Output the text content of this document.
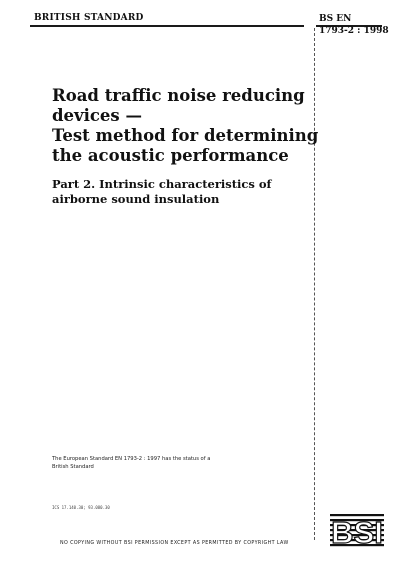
BRITISH STANDARD	BS EN
1793-2 : 1998
Road traffic noise reducing
devices —
Test method for determining
the acoustic performance
Part 2. Intrinsic characteristics of
airborne sound insulation
The European Standard EN 1793-2 : 1997 has the status of a
British Standard
ICS 17.140.30; 93.080.30
BSI
NO COPYING WITHOUT BSI PERMISSION EXCEPT AS PERMITTED BY COPYRIGHT LAW
